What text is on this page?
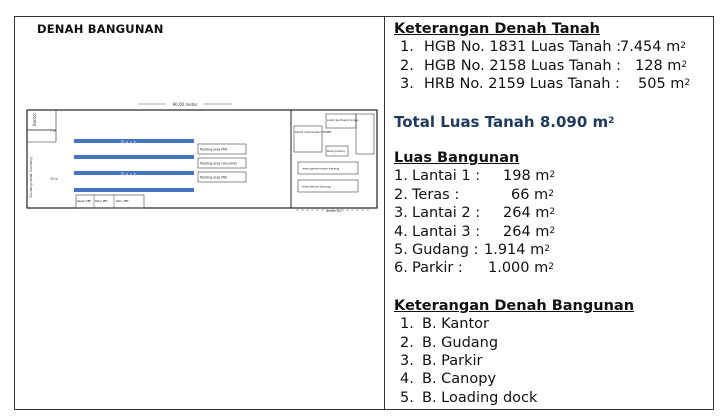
DENAH BANGUNAN
90.00 meter
Kantor
Gudang obat Gudang
7 m
35 m
R a c k
R a c k
Packing area PIM
Packing area consumer
Packing area PBF
Repair PBF Retur PBF	Retur PBF
Kantor Administrasi PIM/PBF
Loket dan Ruang tunggu
Ruang Loading
area penerimaan barang
area keluar barang
meter 82
Keterangan Denah Tanah
1. HGB No. 1831 Luas Tanah :
7.454 $m^2$
2. HGB No. 2158 Luas Tanah : 128 $m^2$
3. HRB No. 2159 Luas Tanah : 505 $m^2$
Total Luas Tanah 8.090 $m^2$
Luas Bangunan
1. Lantai 1 : 198 $m^2$
2. Teras :	66 $m^2$
3. Lantai 2 : 264 $m^2$
4. Lantai 3 : 264 $m^2$
5. Gudang : 1.914 $m^2$
6. Parkir : 1.000 $m^2$
Keterangan Denah Bangunan
1. B. Kantor
2. B. Gudang
3. B. Parkir
4. B. Canopy
5. B. Loading dock
